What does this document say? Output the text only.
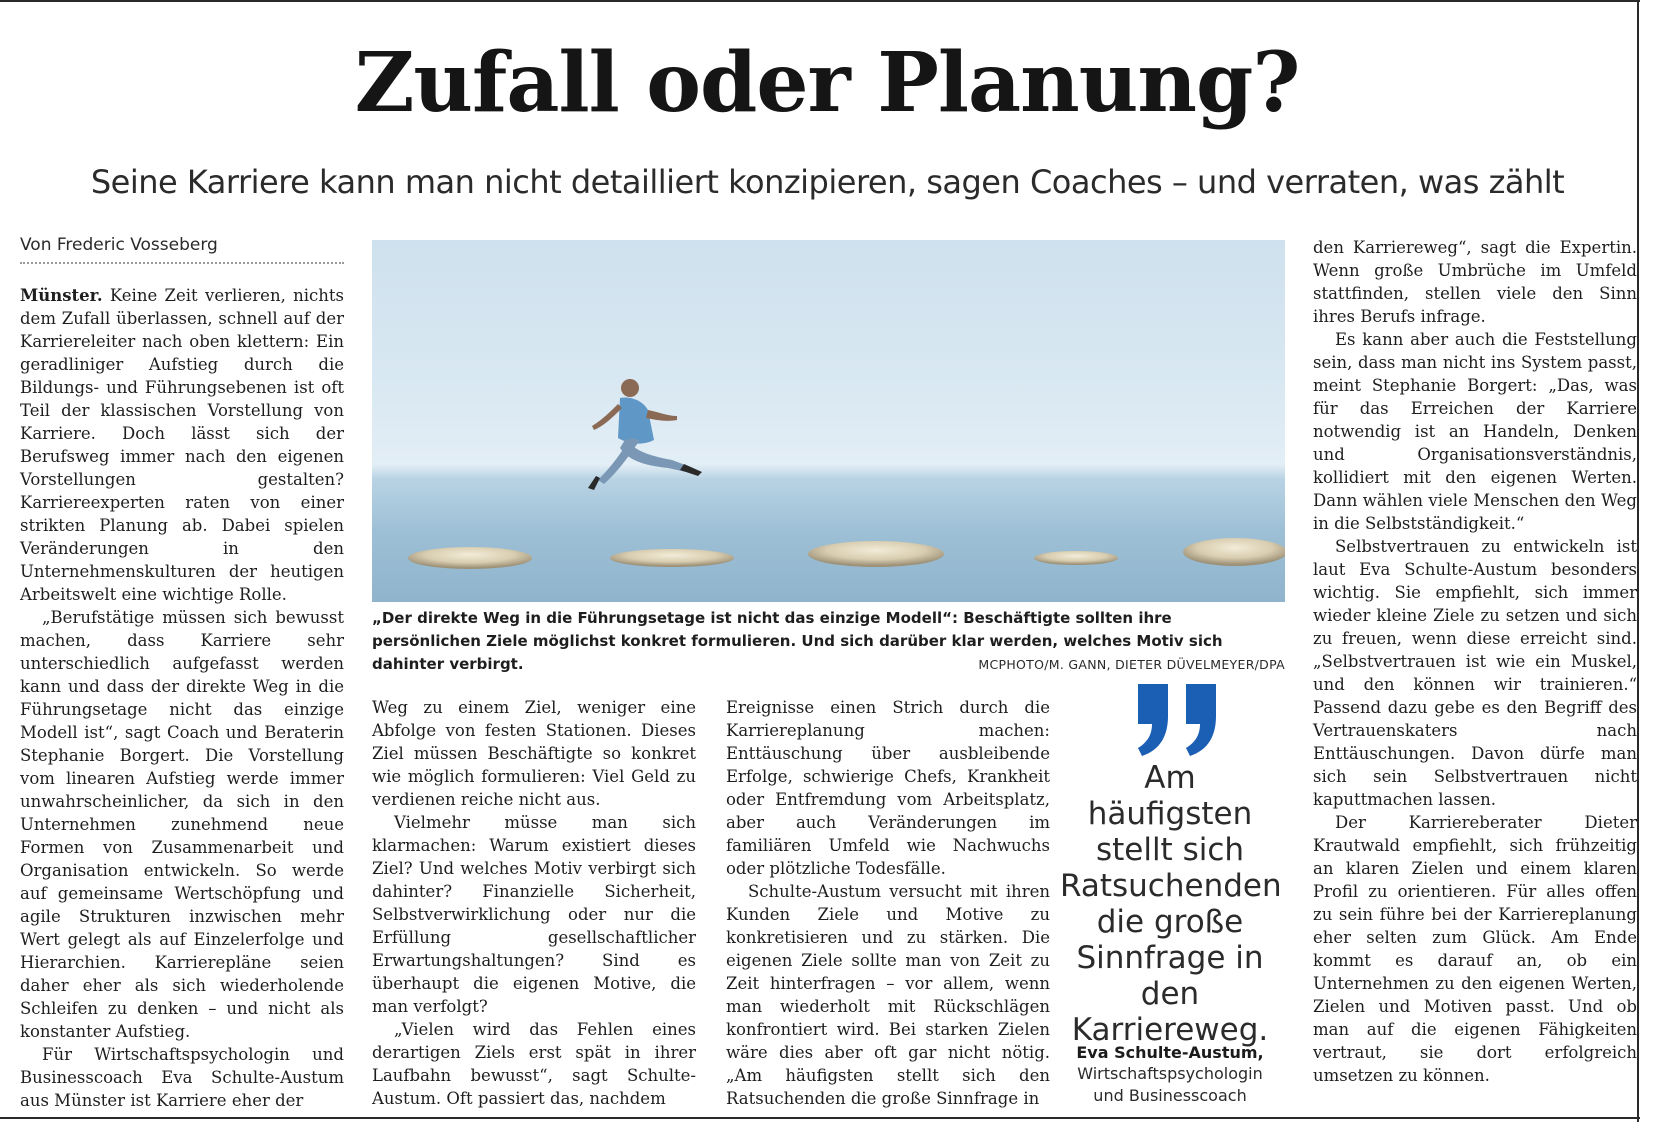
Zufall oder Planung?
Seine Karriere kann man nicht detailliert konzipieren, sagen Coaches – und verraten, was zählt
Von Frederic Vosseberg

Münster. Keine Zeit verlieren, nichts dem Zufall überlassen, schnell auf der Karriereleiter nach oben klettern: Ein geradliniger Aufstieg durch die Bildungs- und Führungsebenen ist oft Teil der klassischen Vorstellung von Karriere. Doch lässt sich der Berufsweg immer nach den eigenen Vorstellungen gestalten? Karriereexperten raten von einer strikten Planung ab. Dabei spielen Veränderungen in den Unternehmenskulturen der heutigen Arbeitswelt eine wichtige Rolle.

„Berufstätige müssen sich bewusst machen, dass Karriere sehr unterschiedlich aufgefasst werden kann und dass der direkte Weg in die Führungsetage nicht das einzige Modell ist“, sagt Coach und Beraterin Stephanie Borgert. Die Vorstellung vom linearen Aufstieg werde immer unwahrscheinlicher, da sich in den Unternehmen zunehmend neue Formen von Zusammenarbeit und Organisation entwickeln. So werde auf gemeinsame Wertschöpfung und agile Strukturen inzwischen mehr Wert gelegt als auf Einzelerfolge und Hierarchien. Karrierepläne seien daher eher als sich wiederholende Schleifen zu denken – und nicht als konstanter Aufstieg.

Für Wirtschaftspsychologin und Businesscoach Eva Schulte-Austum aus Münster ist Karriere eher der

„Der direkte Weg in die Führungsetage ist nicht das einzige Modell“: Beschäftigte sollten ihre persönlichen Ziele möglichst konkret formulieren. Und sich darüber klar werden, welches Motiv sich dahinter verbirgt.	MCPHOTO/M. GANN, DIETER DÜVELMEYER/DPA

Weg zu einem Ziel, weniger eine Abfolge von festen Stationen. Dieses Ziel müssen Beschäftigte so konkret wie möglich formulieren: Viel Geld zu verdienen reiche nicht aus.

Vielmehr müsse man sich klarmachen: Warum existiert dieses Ziel? Und welches Motiv verbirgt sich dahinter? Finanzielle Sicherheit, Selbstverwirklichung oder nur die Erfüllung gesellschaftlicher Erwartungshaltungen? Sind es überhaupt die eigenen Motive, die man verfolgt?

„Vielen wird das Fehlen eines derartigen Ziels erst spät in ihrer Laufbahn bewusst“, sagt Schulte-Austum. Oft passiert das, nachdem

Ereignisse einen Strich durch die Karriereplanung machen: Enttäuschung über ausbleibende Erfolge, schwierige Chefs, Krankheit oder Entfremdung vom Arbeitsplatz, aber auch Veränderungen im familiären Umfeld wie Nachwuchs oder plötzliche Todesfälle.

Schulte-Austum versucht mit ihren Kunden Ziele und Motive zu konkretisieren und zu stärken. Die eigenen Ziele sollte man von Zeit zu Zeit hinterfragen – vor allem, wenn man wiederholt mit Rückschlägen konfrontiert wird. Bei starken Zielen wäre dies aber oft gar nicht nötig. „Am häufigsten stellt sich den Ratsuchenden die große Sinnfrage in

Am häufigsten stellt sich Ratsuchenden die große Sinnfrage in den Karriereweg.
Eva Schulte-Austum,
Wirtschaftspsychologin und Businesscoach

den Karriereweg“, sagt die Expertin. Wenn große Umbrüche im Umfeld stattfinden, stellen viele den Sinn ihres Berufs infrage.

Es kann aber auch die Feststellung sein, dass man nicht ins System passt, meint Stephanie Borgert: „Das, was für das Erreichen der Karriere notwendig ist an Handeln, Denken und Organisationsverständnis, kollidiert mit den eigenen Werten. Dann wählen viele Menschen den Weg in die Selbstständigkeit.“

Selbstvertrauen zu entwickeln ist laut Eva Schulte-Austum besonders wichtig. Sie empfiehlt, sich immer wieder kleine Ziele zu setzen und sich zu freuen, wenn diese erreicht sind. „Selbstvertrauen ist wie ein Muskel, und den können wir trainieren.“ Passend dazu gebe es den Begriff des Vertrauenskaters nach Enttäuschungen. Davon dürfe man sich sein Selbstvertrauen nicht kaputtmachen lassen.

Der Karriereberater Dieter Krautwald empfiehlt, sich frühzeitig an klaren Zielen und einem klaren Profil zu orientieren. Für alles offen zu sein führe bei der Karriereplanung eher selten zum Glück. Am Ende kommt es darauf an, ob ein Unternehmen zu den eigenen Werten, Zielen und Motiven passt. Und ob man auf die eigenen Fähigkeiten vertraut, sie dort erfolgreich umsetzen zu können.
